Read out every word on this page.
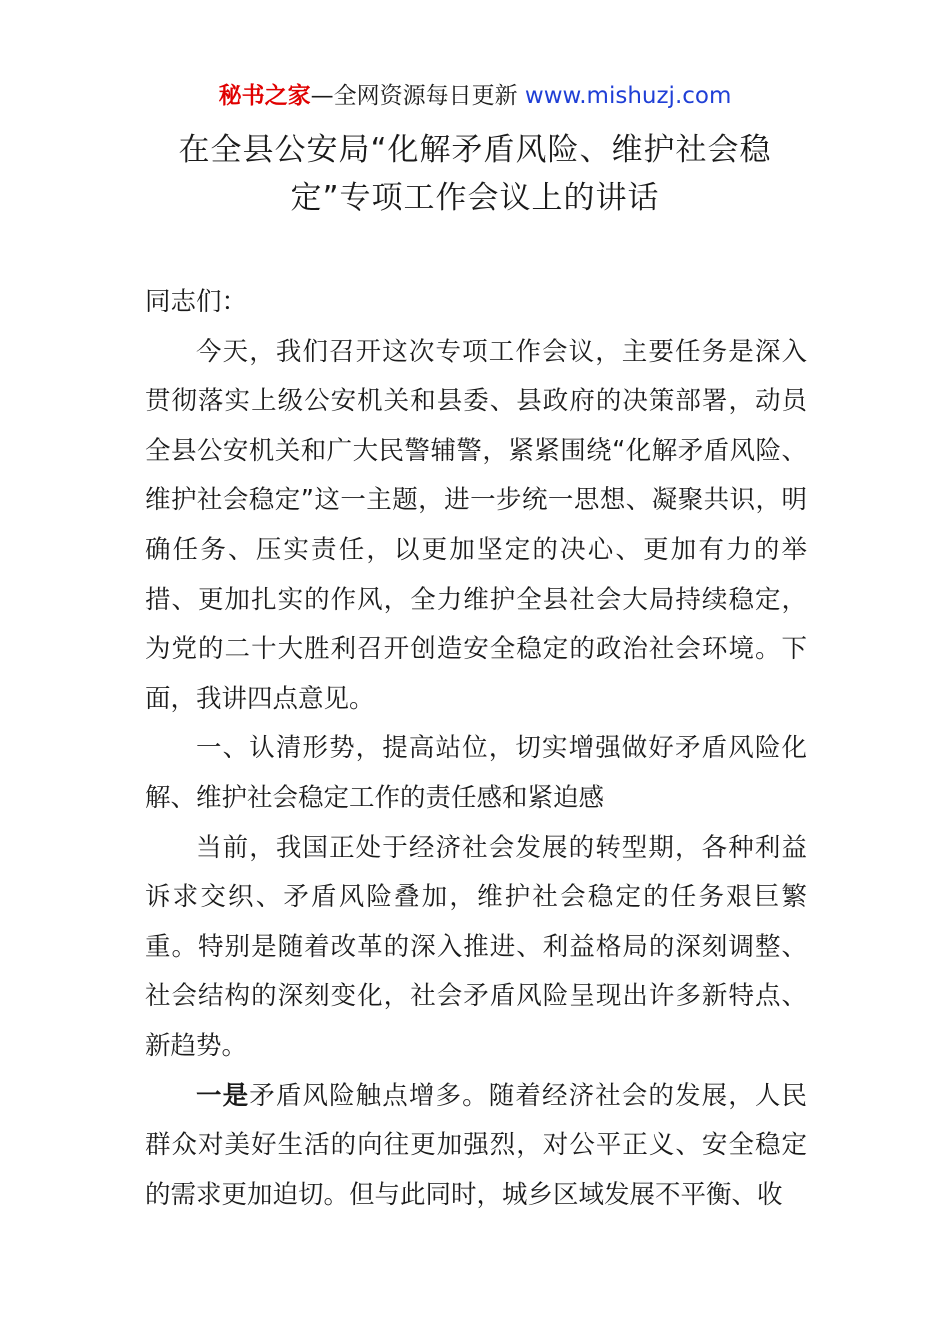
秘书之家—全网资源每日更新 www.mishuzj.com
在全县公安局“化解矛盾风险、维护社会稳
定”专项工作会议上的讲话

同志们：

今天，我们召开这次专项工作会议，主要任务是深入贯彻落实上级公安机关和县委、县政府的决策部署，动员全县公安机关和广大民警辅警，紧紧围绕“化解矛盾风险、维护社会稳定”这一主题，进一步统一思想、凝聚共识，明确任务、压实责任，以更加坚定的决心、更加有力的举措、更加扎实的作风，全力维护全县社会大局持续稳定，为党的二十大胜利召开创造安全稳定的政治社会环境。下面，我讲四点意见。

一、认清形势，提高站位，切实增强做好矛盾风险化解、维护社会稳定工作的责任感和紧迫感

当前，我国正处于经济社会发展的转型期，各种利益诉求交织、矛盾风险叠加，维护社会稳定的任务艰巨繁重。特别是随着改革的深入推进、利益格局的深刻调整、社会结构的深刻变化，社会矛盾风险呈现出许多新特点、新趋势。

一是矛盾风险触点增多。随着经济社会的发展，人民群众对美好生活的向往更加强烈，对公平正义、安全稳定的需求更加迫切。但与此同时，城乡区域发展不平衡、收
